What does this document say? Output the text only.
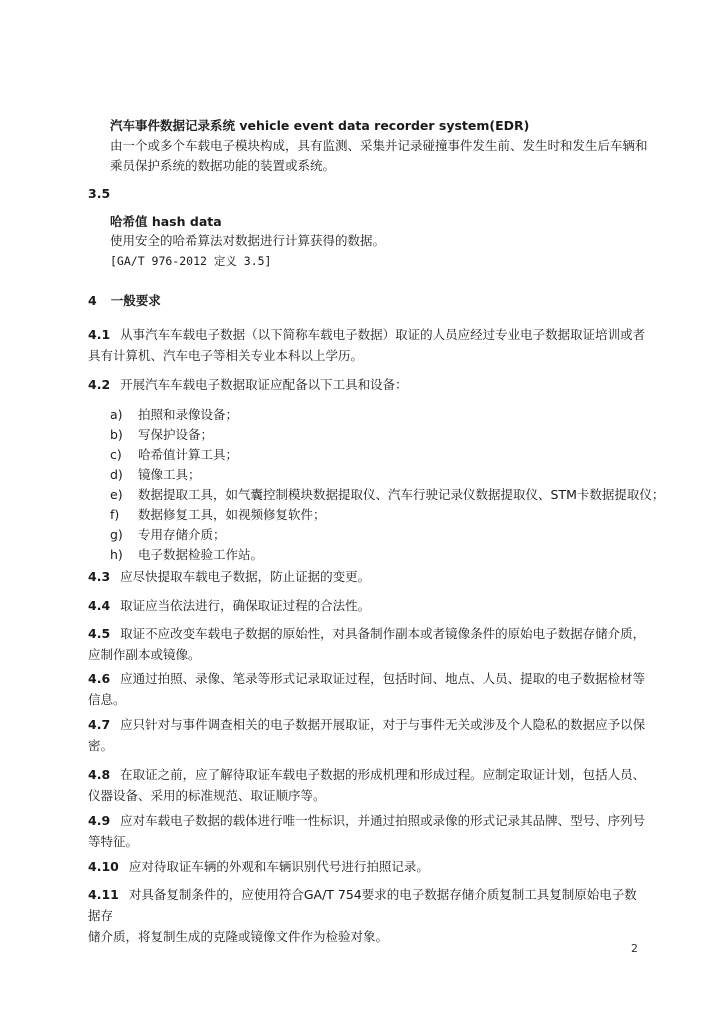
汽车事件数据记录系统 vehicle event data recorder system(EDR)
由一个或多个车载电子模块构成，具有监测、采集并记录碰撞事件发生前、发生时和发生后车辆和
乘员保护系统的数据功能的装置或系统。
3.5
哈希值 hash data
使用安全的哈希算法对数据进行计算获得的数据。
[GA/T 976-2012 定义 3.5]
4 一般要求
4.1 从事汽车车载电子数据（以下简称车载电子数据）取证的人员应经过专业电子数据取证培训或者
具有计算机、汽车电子等相关专业本科以上学历。
4.2 开展汽车车载电子数据取证应配备以下工具和设备：
a) 拍照和录像设备；
b) 写保护设备；
c) 哈希值计算工具；
d) 镜像工具；
e) 数据提取工具，如气囊控制模块数据提取仪、汽车行驶记录仪数据提取仪、STM卡数据提取仪；
f) 数据修复工具，如视频修复软件；
g) 专用存储介质；
h) 电子数据检验工作站。
4.3 应尽快提取车载电子数据，防止证据的变更。
4.4 取证应当依法进行，确保取证过程的合法性。
4.5 取证不应改变车载电子数据的原始性，对具备制作副本或者镜像条件的原始电子数据存储介质，
应制作副本或镜像。
4.6 应通过拍照、录像、笔录等形式记录取证过程，包括时间、地点、人员、提取的电子数据检材等
信息。
4.7 应只针对与事件调查相关的电子数据开展取证，对于与事件无关或涉及个人隐私的数据应予以保
密。
4.8 在取证之前，应了解待取证车载电子数据的形成机理和形成过程。应制定取证计划，包括人员、
仪器设备、采用的标准规范、取证顺序等。
4.9 应对车载电子数据的载体进行唯一性标识，并通过拍照或录像的形式记录其品牌、型号、序列号
等特征。
4.10 应对待取证车辆的外观和车辆识别代号进行拍照记录。
4.11 对具备复制条件的，应使用符合GA/T 754要求的电子数据存储介质复制工具复制原始电子数据存
储介质，将复制生成的克隆或镜像文件作为检验对象。
2
